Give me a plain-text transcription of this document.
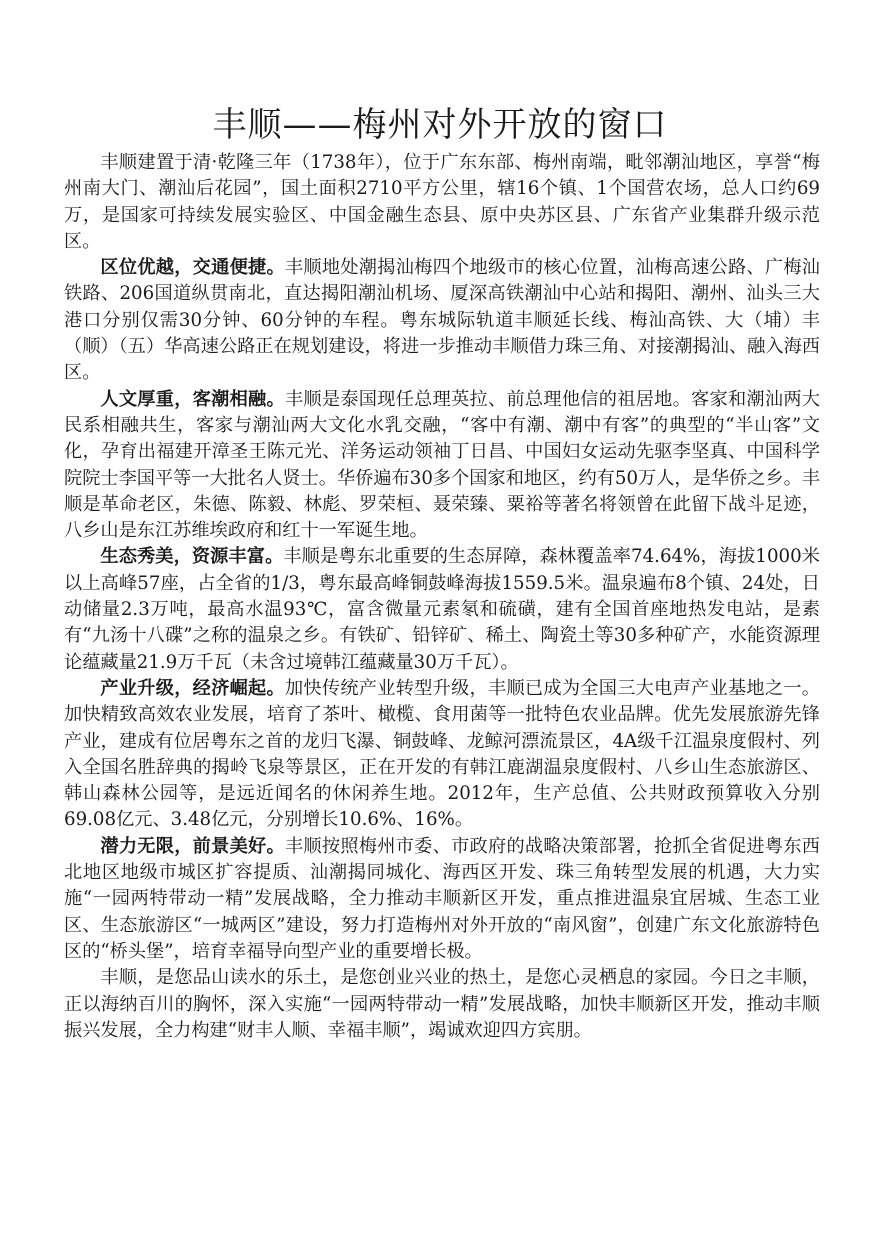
丰顺——梅州对外开放的窗口

丰顺建置于清·乾隆三年（1738年），位于广东东部、梅州南端，毗邻潮汕地区，享誉“梅州南大门、潮汕后花园”，国土面积2710平方公里，辖16个镇、1个国营农场，总人口约69万，是国家可持续发展实验区、中国金融生态县、原中央苏区县、广东省产业集群升级示范区。

区位优越，交通便捷。丰顺地处潮揭汕梅四个地级市的核心位置，汕梅高速公路、广梅汕铁路、206国道纵贯南北，直达揭阳潮汕机场、厦深高铁潮汕中心站和揭阳、潮州、汕头三大港口分别仅需30分钟、60分钟的车程。粤东城际轨道丰顺延长线、梅汕高铁、大（埔）丰（顺）（五）华高速公路正在规划建设，将进一步推动丰顺借力珠三角、对接潮揭汕、融入海西区。

人文厚重，客潮相融。丰顺是泰国现任总理英拉、前总理他信的祖居地。客家和潮汕两大民系相融共生，客家与潮汕两大文化水乳交融，“客中有潮、潮中有客”的典型的“半山客”文化，孕育出福建开漳圣王陈元光、洋务运动领袖丁日昌、中国妇女运动先驱李坚真、中国科学院院士李国平等一大批名人贤士。华侨遍布30多个国家和地区，约有50万人，是华侨之乡。丰顺是革命老区，朱德、陈毅、林彪、罗荣桓、聂荣臻、粟裕等著名将领曾在此留下战斗足迹，八乡山是东江苏维埃政府和红十一军诞生地。

生态秀美，资源丰富。丰顺是粤东北重要的生态屏障，森林覆盖率74.64%，海拔1000米以上高峰57座，占全省的1/3，粤东最高峰铜鼓峰海拔1559.5米。温泉遍布8个镇、24处，日动储量2.3万吨，最高水温93℃，富含微量元素氡和硫磺，建有全国首座地热发电站，是素有“九汤十八碟”之称的温泉之乡。有铁矿、铅锌矿、稀土、陶瓷土等30多种矿产，水能资源理论蕴藏量21.9万千瓦（未含过境韩江蕴藏量30万千瓦）。

产业升级，经济崛起。加快传统产业转型升级，丰顺已成为全国三大电声产业基地之一。加快精致高效农业发展，培育了茶叶、橄榄、食用菌等一批特色农业品牌。优先发展旅游先锋产业，建成有位居粤东之首的龙归飞瀑、铜鼓峰、龙鲸河漂流景区，4A级千江温泉度假村、列入全国名胜辞典的揭岭飞泉等景区，正在开发的有韩江鹿湖温泉度假村、八乡山生态旅游区、韩山森林公园等，是远近闻名的休闲养生地。2012年，生产总值、公共财政预算收入分别69.08亿元、3.48亿元，分别增长10.6%、16%。

潜力无限，前景美好。丰顺按照梅州市委、市政府的战略决策部署，抢抓全省促进粤东西北地区地级市城区扩容提质、汕潮揭同城化、海西区开发、珠三角转型发展的机遇，大力实施“一园两特带动一精”发展战略，全力推动丰顺新区开发，重点推进温泉宜居城、生态工业区、生态旅游区“一城两区”建设，努力打造梅州对外开放的“南风窗”，创建广东文化旅游特色区的“桥头堡”，培育幸福导向型产业的重要增长极。

丰顺，是您品山读水的乐土，是您创业兴业的热土，是您心灵栖息的家园。今日之丰顺，正以海纳百川的胸怀，深入实施“一园两特带动一精”发展战略，加快丰顺新区开发，推动丰顺振兴发展，全力构建“财丰人顺、幸福丰顺”，竭诚欢迎四方宾朋。
